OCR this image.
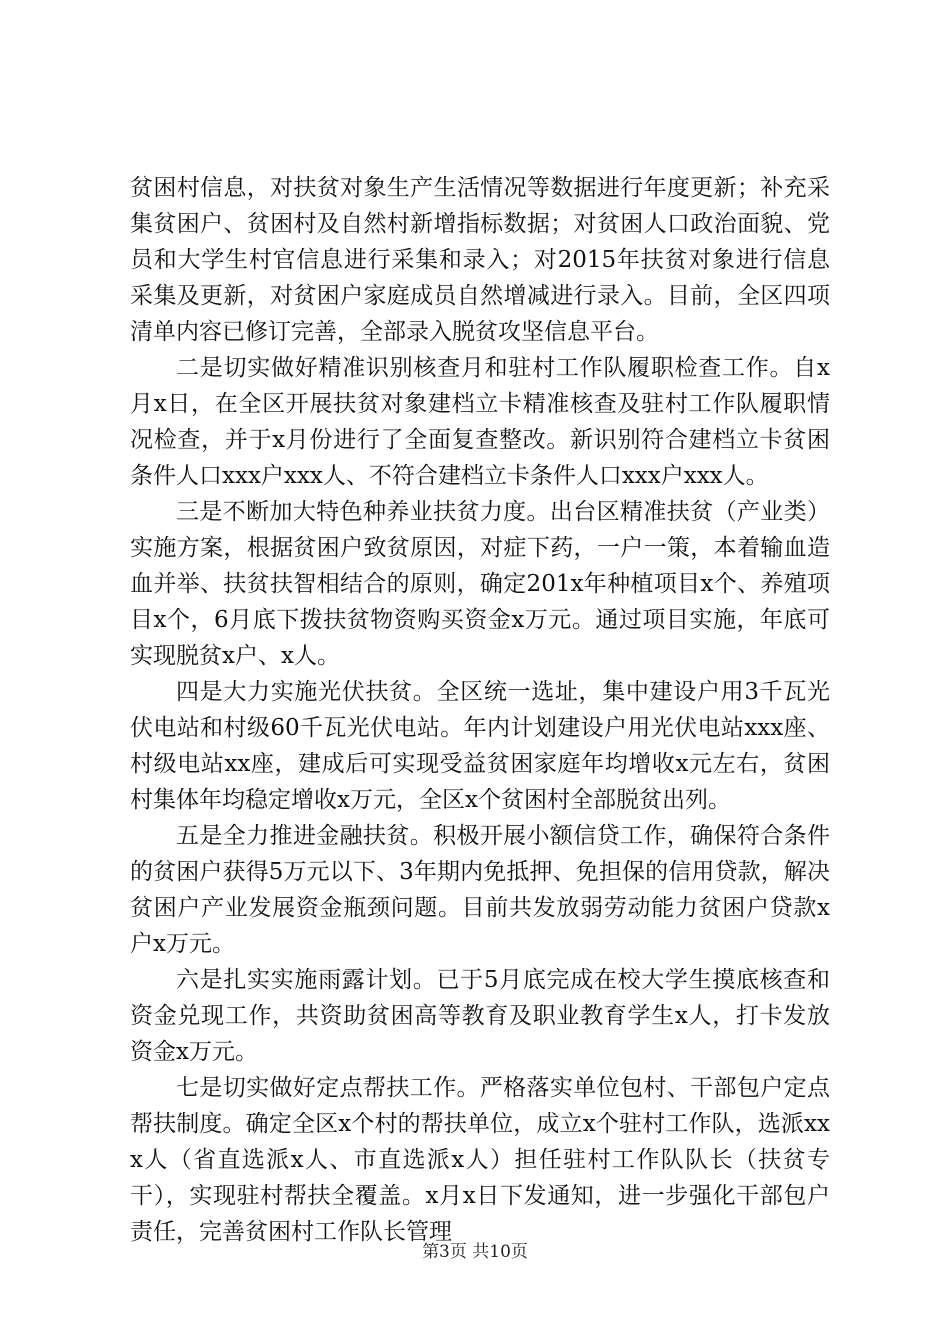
贫困村信息，对扶贫对象生产生活情况等数据进行年度更新；补充采集贫困户、贫困村及自然村新增指标数据；对贫困人口政治面貌、党员和大学生村官信息进行采集和录入；对2015年扶贫对象进行信息采集及更新，对贫困户家庭成员自然增减进行录入。目前，全区四项清单内容已修订完善，全部录入脱贫攻坚信息平台。

二是切实做好精准识别核查月和驻村工作队履职检查工作。自x月x日，在全区开展扶贫对象建档立卡精准核查及驻村工作队履职情况检查，并于x月份进行了全面复查整改。新识别符合建档立卡贫困条件人口xxx户xxx人、不符合建档立卡条件人口xxx户xxx人。

三是不断加大特色种养业扶贫力度。出台区精准扶贫（产业类）实施方案，根据贫困户致贫原因，对症下药，一户一策，本着输血造血并举、扶贫扶智相结合的原则，确定201x年种植项目x个、养殖项目x个，6月底下拨扶贫物资购买资金x万元。通过项目实施，年底可实现脱贫x户、x人。

四是大力实施光伏扶贫。全区统一选址，集中建设户用3千瓦光伏电站和村级60千瓦光伏电站。年内计划建设户用光伏电站xxx座、村级电站xx座，建成后可实现受益贫困家庭年均增收x元左右，贫困村集体年均稳定增收x万元，全区x个贫困村全部脱贫出列。

五是全力推进金融扶贫。积极开展小额信贷工作，确保符合条件的贫困户获得5万元以下、3年期内免抵押、免担保的信用贷款，解决贫困户产业发展资金瓶颈问题。目前共发放弱劳动能力贫困户贷款x户x万元。

六是扎实实施雨露计划。已于5月底完成在校大学生摸底核查和资金兑现工作，共资助贫困高等教育及职业教育学生x人，打卡发放资金x万元。

七是切实做好定点帮扶工作。严格落实单位包村、干部包户定点帮扶制度。确定全区x个村的帮扶单位，成立x个驻村工作队，选派xxx人（省直选派x人、市直选派x人）担任驻村工作队队长（扶贫专干），实现驻村帮扶全覆盖。x月x日下发通知，进一步强化干部包户责任，完善贫困村工作队长管理

第3页 共10页
